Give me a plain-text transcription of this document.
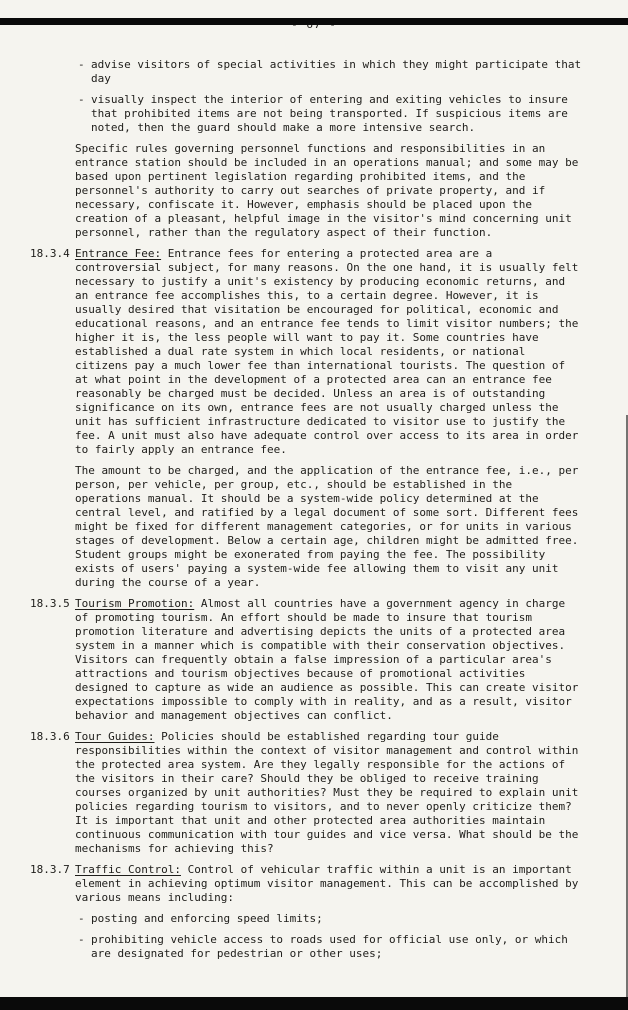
- advise visitors of special activities in which they might participate that day
- visually inspect the interior of entering and exiting vehicles to insure that prohibited items are not being transported. If suspicious items are noted, then the guard should make a more intensive search.

Specific rules governing personnel functions and responsibilities in an entrance station should be included in an operations manual; and some may be based upon pertinent legislation regarding prohibited items, and the personnel's authority to carry out searches of private property, and if necessary, confiscate it. However, emphasis should be placed upon the creation of a pleasant, helpful image in the visitor's mind concerning unit personnel, rather than the regulatory aspect of their function.

18.3.4 Entrance Fee: Entrance fees for entering a protected area are a controversial subject, for many reasons. On the one hand, it is usually felt necessary to justify a unit's existency by producing economic returns, and an entrance fee accomplishes this, to a certain degree. However, it is usually desired that visitation be encouraged for political, economic and educational reasons, and an entrance fee tends to limit visitor numbers; the higher it is, the less people will want to pay it. Some countries have established a dual rate system in which local residents, or national citizens pay a much lower fee than international tourists. The question of at what point in the development of a protected area can an entrance fee reasonably be charged must be decided. Unless an area is of outstanding significance on its own, entrance fees are not usually charged unless the unit has sufficient infrastructure dedicated to visitor use to justify the fee. A unit must also have adequate control over access to its area in order to fairly apply an entrance fee.

The amount to be charged, and the application of the entrance fee, i.e., per person, per vehicle, per group, etc., should be established in the operations manual. It should be a system-wide policy determined at the central level, and ratified by a legal document of some sort. Different fees might be fixed for different management categories, or for units in various stages of development. Below a certain age, children might be admitted free. Student groups might be exonerated from paying the fee. The possibility exists of users' paying a system-wide fee allowing them to visit any unit during the course of a year.

18.3.5 Tourism Promotion: Almost all countries have a government agency in charge of promoting tourism. An effort should be made to insure that tourism promotion literature and advertising depicts the units of a protected area system in a manner which is compatible with their conservation objectives. Visitors can frequently obtain a false impression of a particular area's attractions and tourism objectives because of promotional activities designed to capture as wide an audience as possible. This can create visitor expectations impossible to comply with in reality, and as a result, visitor behavior and management objectives can conflict.

18.3.6 Tour Guides: Policies should be established regarding tour guide responsibilities within the context of visitor management and control within the protected area system. Are they legally responsible for the actions of the visitors in their care? Should they be obliged to receive training courses organized by unit authorities? Must they be required to explain unit policies regarding tourism to visitors, and to never openly criticize them? It is important that unit and other protected area authorities maintain continuous communication with tour guides and vice versa. What should be the mechanisms for achieving this?

18.3.7 Traffic Control: Control of vehicular traffic within a unit is an important element in achieving optimum visitor management. This can be accomplished by various means including:

- posting and enforcing speed limits;
- prohibiting vehicle access to roads used for official use only, or which are designated for pedestrian or other uses;
